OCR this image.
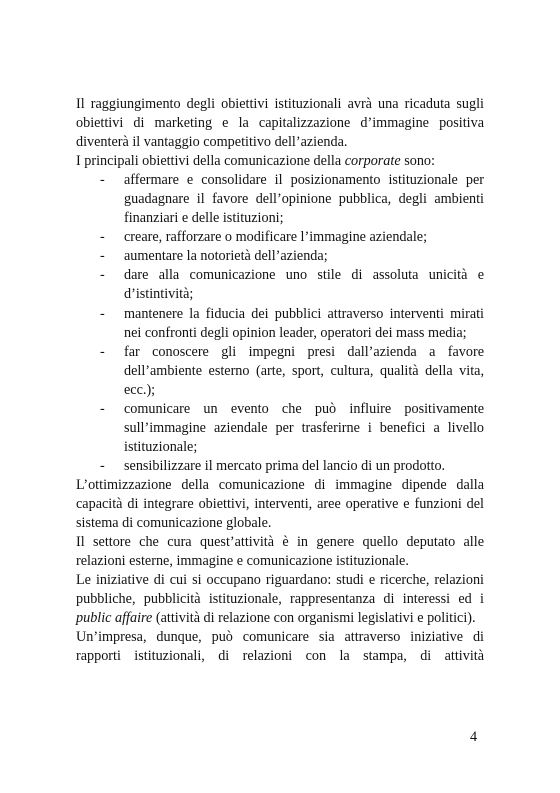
Il raggiungimento degli obiettivi istituzionali avrà una ricaduta sugli obiettivi di marketing e la capitalizzazione d’immagine positiva diventerà il vantaggio competitivo dell’azienda.

I principali obiettivi della comunicazione della corporate sono:

- affermare e consolidare il posizionamento istituzionale per guadagnare il favore dell’opinione pubblica, degli ambienti finanziari e delle istituzioni;
- creare, rafforzare o modificare l’immagine aziendale;
- aumentare la notorietà dell’azienda;
- dare alla comunicazione uno stile di assoluta unicità e d’istintività;
- mantenere la fiducia dei pubblici attraverso interventi mirati nei confronti degli opinion leader, operatori dei mass media;
- far conoscere gli impegni presi dall’azienda a favore dell’ambiente esterno (arte, sport, cultura, qualità della vita, ecc.);
- comunicare un evento che può influire positivamente sull’immagine aziendale per trasferirne i benefici a livello istituzionale;
- sensibilizzare il mercato prima del lancio di un prodotto.

L’ottimizzazione della comunicazione di immagine dipende dalla capacità di integrare obiettivi, interventi, aree operative e funzioni del sistema di comunicazione globale.

Il settore che cura quest’attività è in genere quello deputato alle relazioni esterne, immagine e comunicazione istituzionale.

Le iniziative di cui si occupano riguardano: studi e ricerche, relazioni pubbliche, pubblicità istituzionale, rappresentanza di interessi ed i public affaire (attività di relazione con organismi legislativi e politici).

Un’impresa, dunque, può comunicare sia attraverso iniziative di rapporti istituzionali, di relazioni con la stampa, di attività

4
